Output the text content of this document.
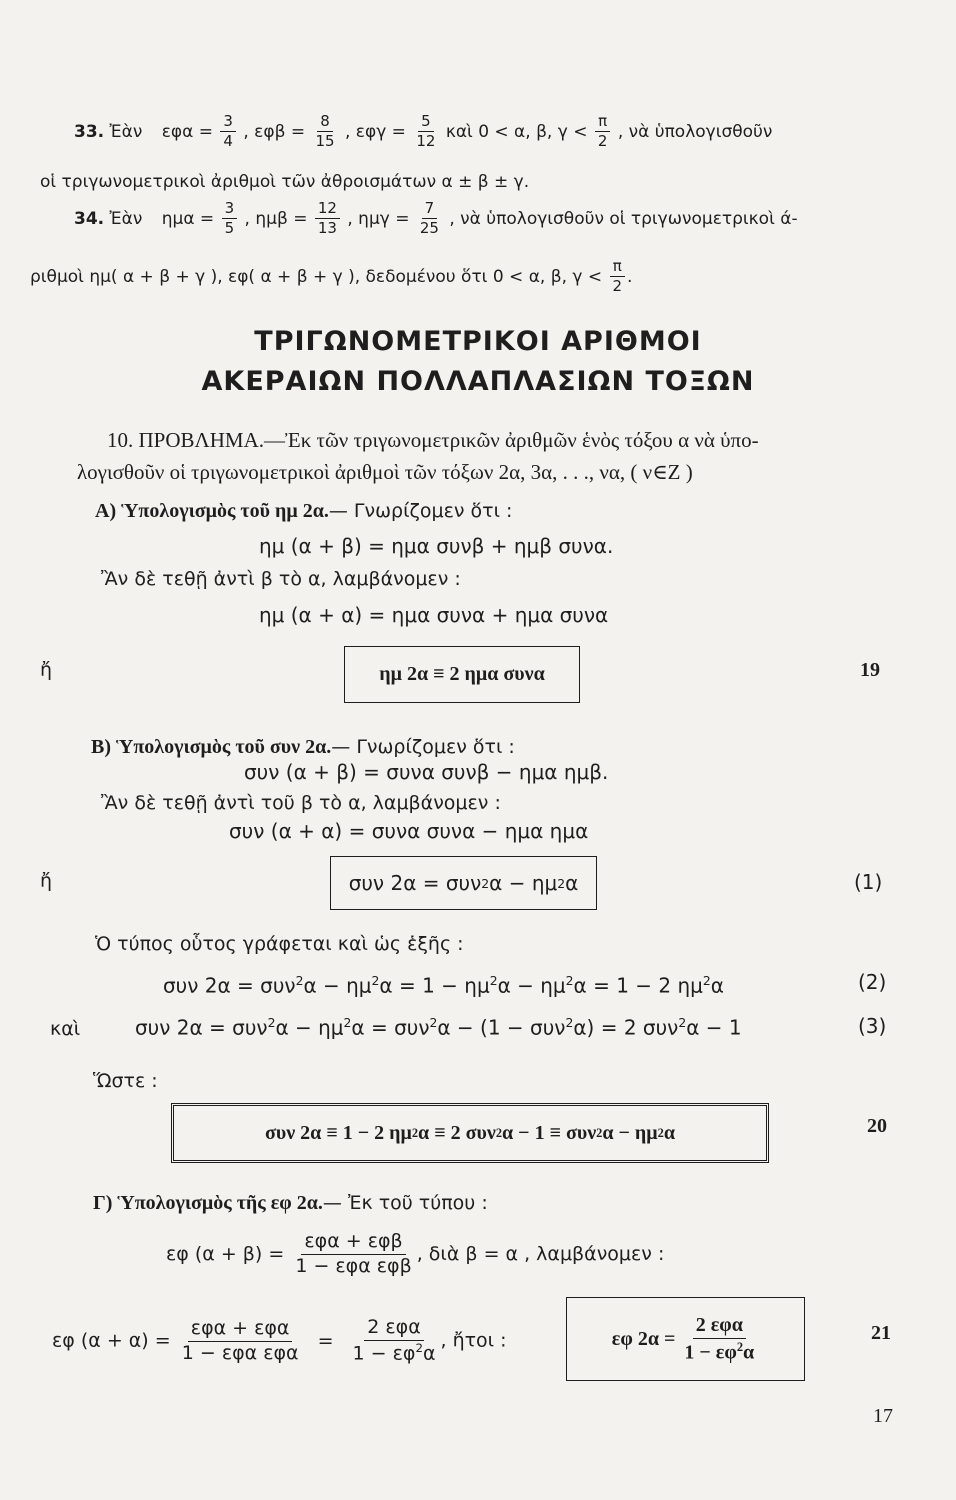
33. Ἐὰν $\varepsilon\varphi\alpha = \frac{3}{4}$ , $\varepsilon\varphi\beta = \frac{8}{15}$ , $\varepsilon\varphi\gamma = \frac{5}{12}$ καὶ 0 < α, β, $\gamma < \frac{\pi}{2}$ , νὰ ὑπολογισθοῦν
οἱ τριγωνομετρικοὶ ἀριθμοὶ τῶν ἀθροισμάτων α ± β ± γ.
34. Ἐὰν $\eta\mu\alpha = \frac{3}{5}$ , $\eta\mu\beta = \frac{12}{13}$ , $\eta\mu\gamma = \frac{7}{25}$ , νὰ ὑπολογισθοῦν οἱ τριγωνομετρικοὶ ά-
ριθμοὶ ημ( α + β + γ ), εφ( α + β + γ ), δεδομένου ὅτι 0 < α, β, $\gamma < \frac{\pi}{2}$ .
ΤΡΙΓΩΝΟΜΕΤΡΙΚΟΙ ΑΡΙΘΜΟΙ
ΑΚΕΡΑΙΩΝ ΠΟΛΛΑΠΛΑΣΙΩΝ ΤΟΞΩΝ
10. ΠΡΟΒΛΗΜΑ.—Ἐκ τῶν τριγωνομετρικῶν ἀριθμῶν ἑνὸς τόξου α νὰ ὑπο-
λογισθοῦν οἱ τριγωνομετρικοὶ ἀριθμοὶ τῶν τόξων 2α, 3α, . . ., να, ( ν∈Z )
Α) Ὑπολογισμὸς τοῦ ημ 2α.— Γνωρίζομεν ὅτι :
ημ (α + β) = ημα συνβ + ημβ συνα.
Ἂν δὲ τεθῇ ἀντὶ β τὸ α, λαμβάνομεν :
ημ (α + α) = ημα συνα + ημα συνα
ἤ	ημ 2α ≡ 2 ημα συνα	19
Β) Ὑπολογισμὸς τοῦ συν 2α.— Γνωρίζομεν ὅτι :
συν (α + β) = συνα συνβ − ημα ημβ.
Ἂν δὲ τεθῇ ἀντὶ τοῦ β τὸ α, λαμβάνομεν :
συν (α + α) = συνα συνα − ημα ημα
ἤ	συν 2α = συν 2 α − ημ 2 α	(1)
Ὁ τύπος οὗτος γράφεται καὶ ὡς ἑξῆς :
συν $2\alpha = \sigma\upsilon\nu^2\alpha - \eta\mu^2\alpha = 1 - \eta\mu^2\alpha - \eta\mu^2\alpha = 1 - 2$ $\eta\mu^2\alpha$	(2)
καὶ	συν $2\alpha = \sigma\upsilon\nu^2\alpha - \eta\mu^2\alpha = \sigma\upsilon\nu^2\alpha - (1 - \sigma\upsilon\nu^2\alpha) = 2$ συν$^2$α − 1	(3)
Ὥστε :
συν 2α ≡ 1 − 2 ημ 2 α ≡ 2 συν 2 α − 1 ≡ συν 2 α − ημ 2 α	20
Γ) Ὑπολογισμὸς τῆς εφ 2α.— Ἐκ τοῦ τύπου :
εφ $(\alpha + \beta) = \frac{\text{εφα + εφβ}}{\text{1 − εφα εφβ}}$ , διὰ β = α , λαμβάνομεν :
εφ $(\alpha + \alpha) = \frac{\text{εφα + εφα}}{\text{1 − εφα εφα}} = \frac{\text{2 εφα}}{1 - \varepsilon\varphi^2\alpha}$ , ἤτοι :	εφ $2\alpha = \frac{\text{2 εφα}}{1 - \varepsilon\varphi^2\alpha}$	21
17
